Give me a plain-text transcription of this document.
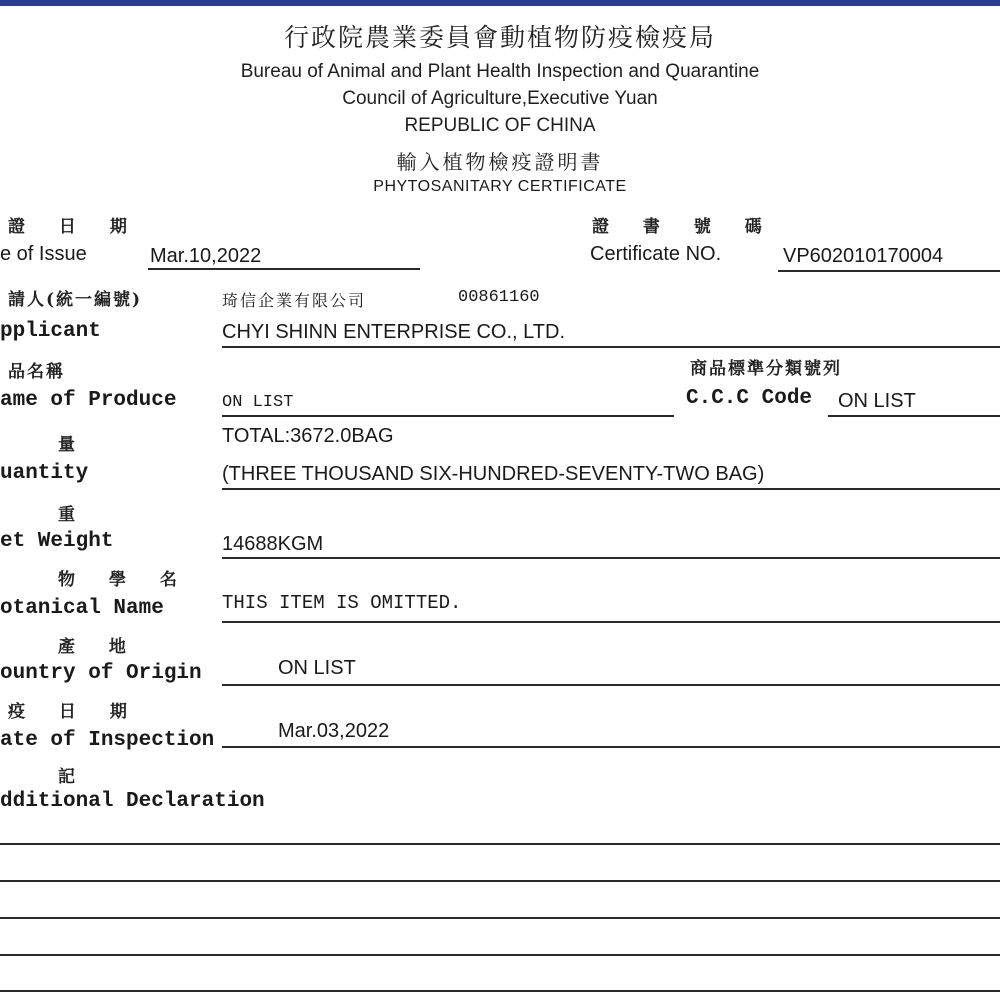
行政院農業委員會動植物防疫檢疫局
Bureau of Animal and Plant Health Inspection and Quarantine
Council of Agriculture,Executive Yuan
REPUBLIC OF CHINA
輸入植物檢疫證明書
PHYTOSANITARY CERTIFICATE
證 日 期
e of Issue	Mar.10,2022
證 書 號 碼
Certificate NO.	VP602010170004
請人(統一編號)	琦信企業有限公司	00861160
pplicant	CHYI SHINN ENTERPRISE CO., LTD.
品名稱
ame of Produce	ON LIST
商品標準分類號列
C.C.C Code ON LIST
量	TOTAL:3672.0BAG
uantity	(THREE THOUSAND SIX-HUNDRED-SEVENTY-TWO BAG)
重
et Weight	14688KGM
物 學 名
otanical Name	THIS ITEM IS OMITTED.
產 地
ountry of Origin	ON LIST
疫 日 期
ate of Inspection	Mar.03,2022
記
dditional Declaration
